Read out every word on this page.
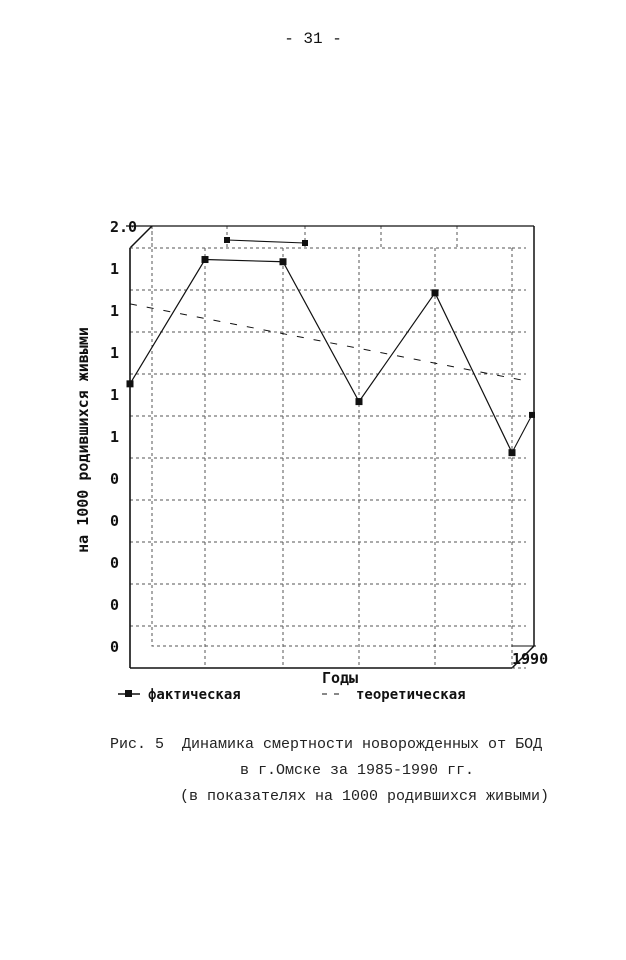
- 31 -
0
0
0
0
0
1
1
1
1
1
2.0
1990
Годы
на 1000 родившихся живыми
фактическая	теоретическая
Рис. 5  Динамика смертности новорожденных от БОД
в г.Омске за 1985-1990 гг.
(в показателях на 1000 родившихся живыми)
